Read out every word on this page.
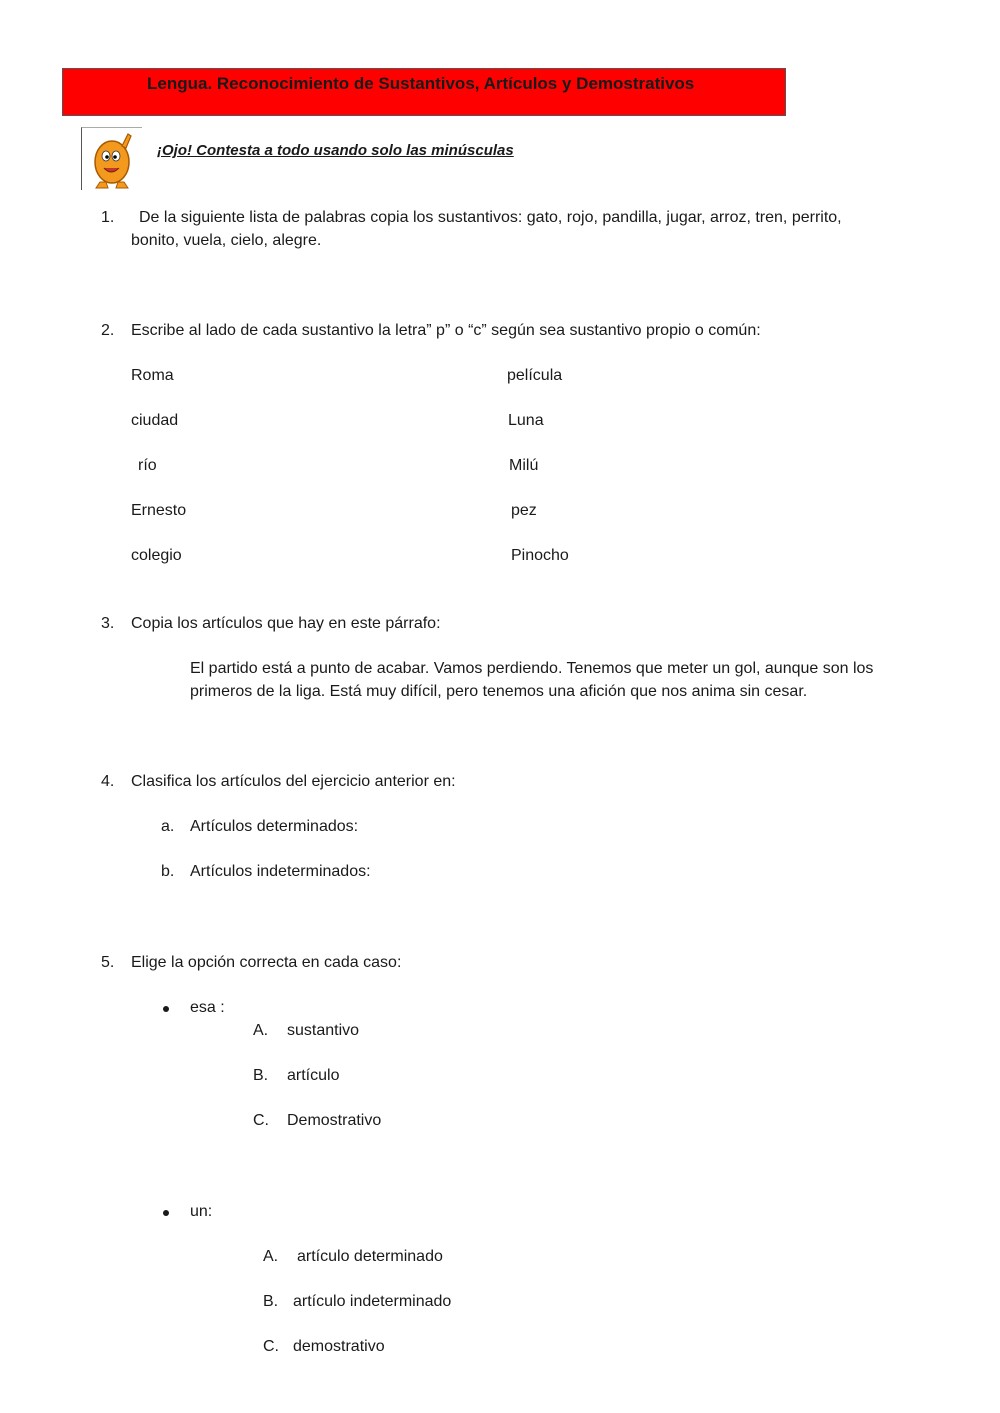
Lengua. Reconocimiento de Sustantivos, Artículos y Demostrativos
¡Ojo! Contesta a todo usando solo las minúsculas
1. De la siguiente lista de palabras copia los sustantivos: gato, rojo, pandilla, jugar, arroz, tren, perrito,
bonito, vuela, cielo, alegre.
2. Escribe al lado de cada sustantivo la letra” p” o “c” según sea sustantivo propio o común:
Roma
ciudad
río
Ernesto
colegio
película
Luna
Milú
pez
Pinocho
3. Copia los artículos que hay en este párrafo:
El partido está a punto de acabar. Vamos perdiendo. Tenemos que meter un gol, aunque son los
primeros de la liga. Está muy difícil, pero tenemos una afición que nos anima sin cesar.
4. Clasifica los artículos del ejercicio anterior en:
a. Artículos determinados:
b. Artículos indeterminados:
5. Elige la opción correcta en cada caso:
esa :
A. sustantivo
B. artículo
C. Demostrativo
un:
A. artículo determinado
B. artículo indeterminado
C. demostrativo
